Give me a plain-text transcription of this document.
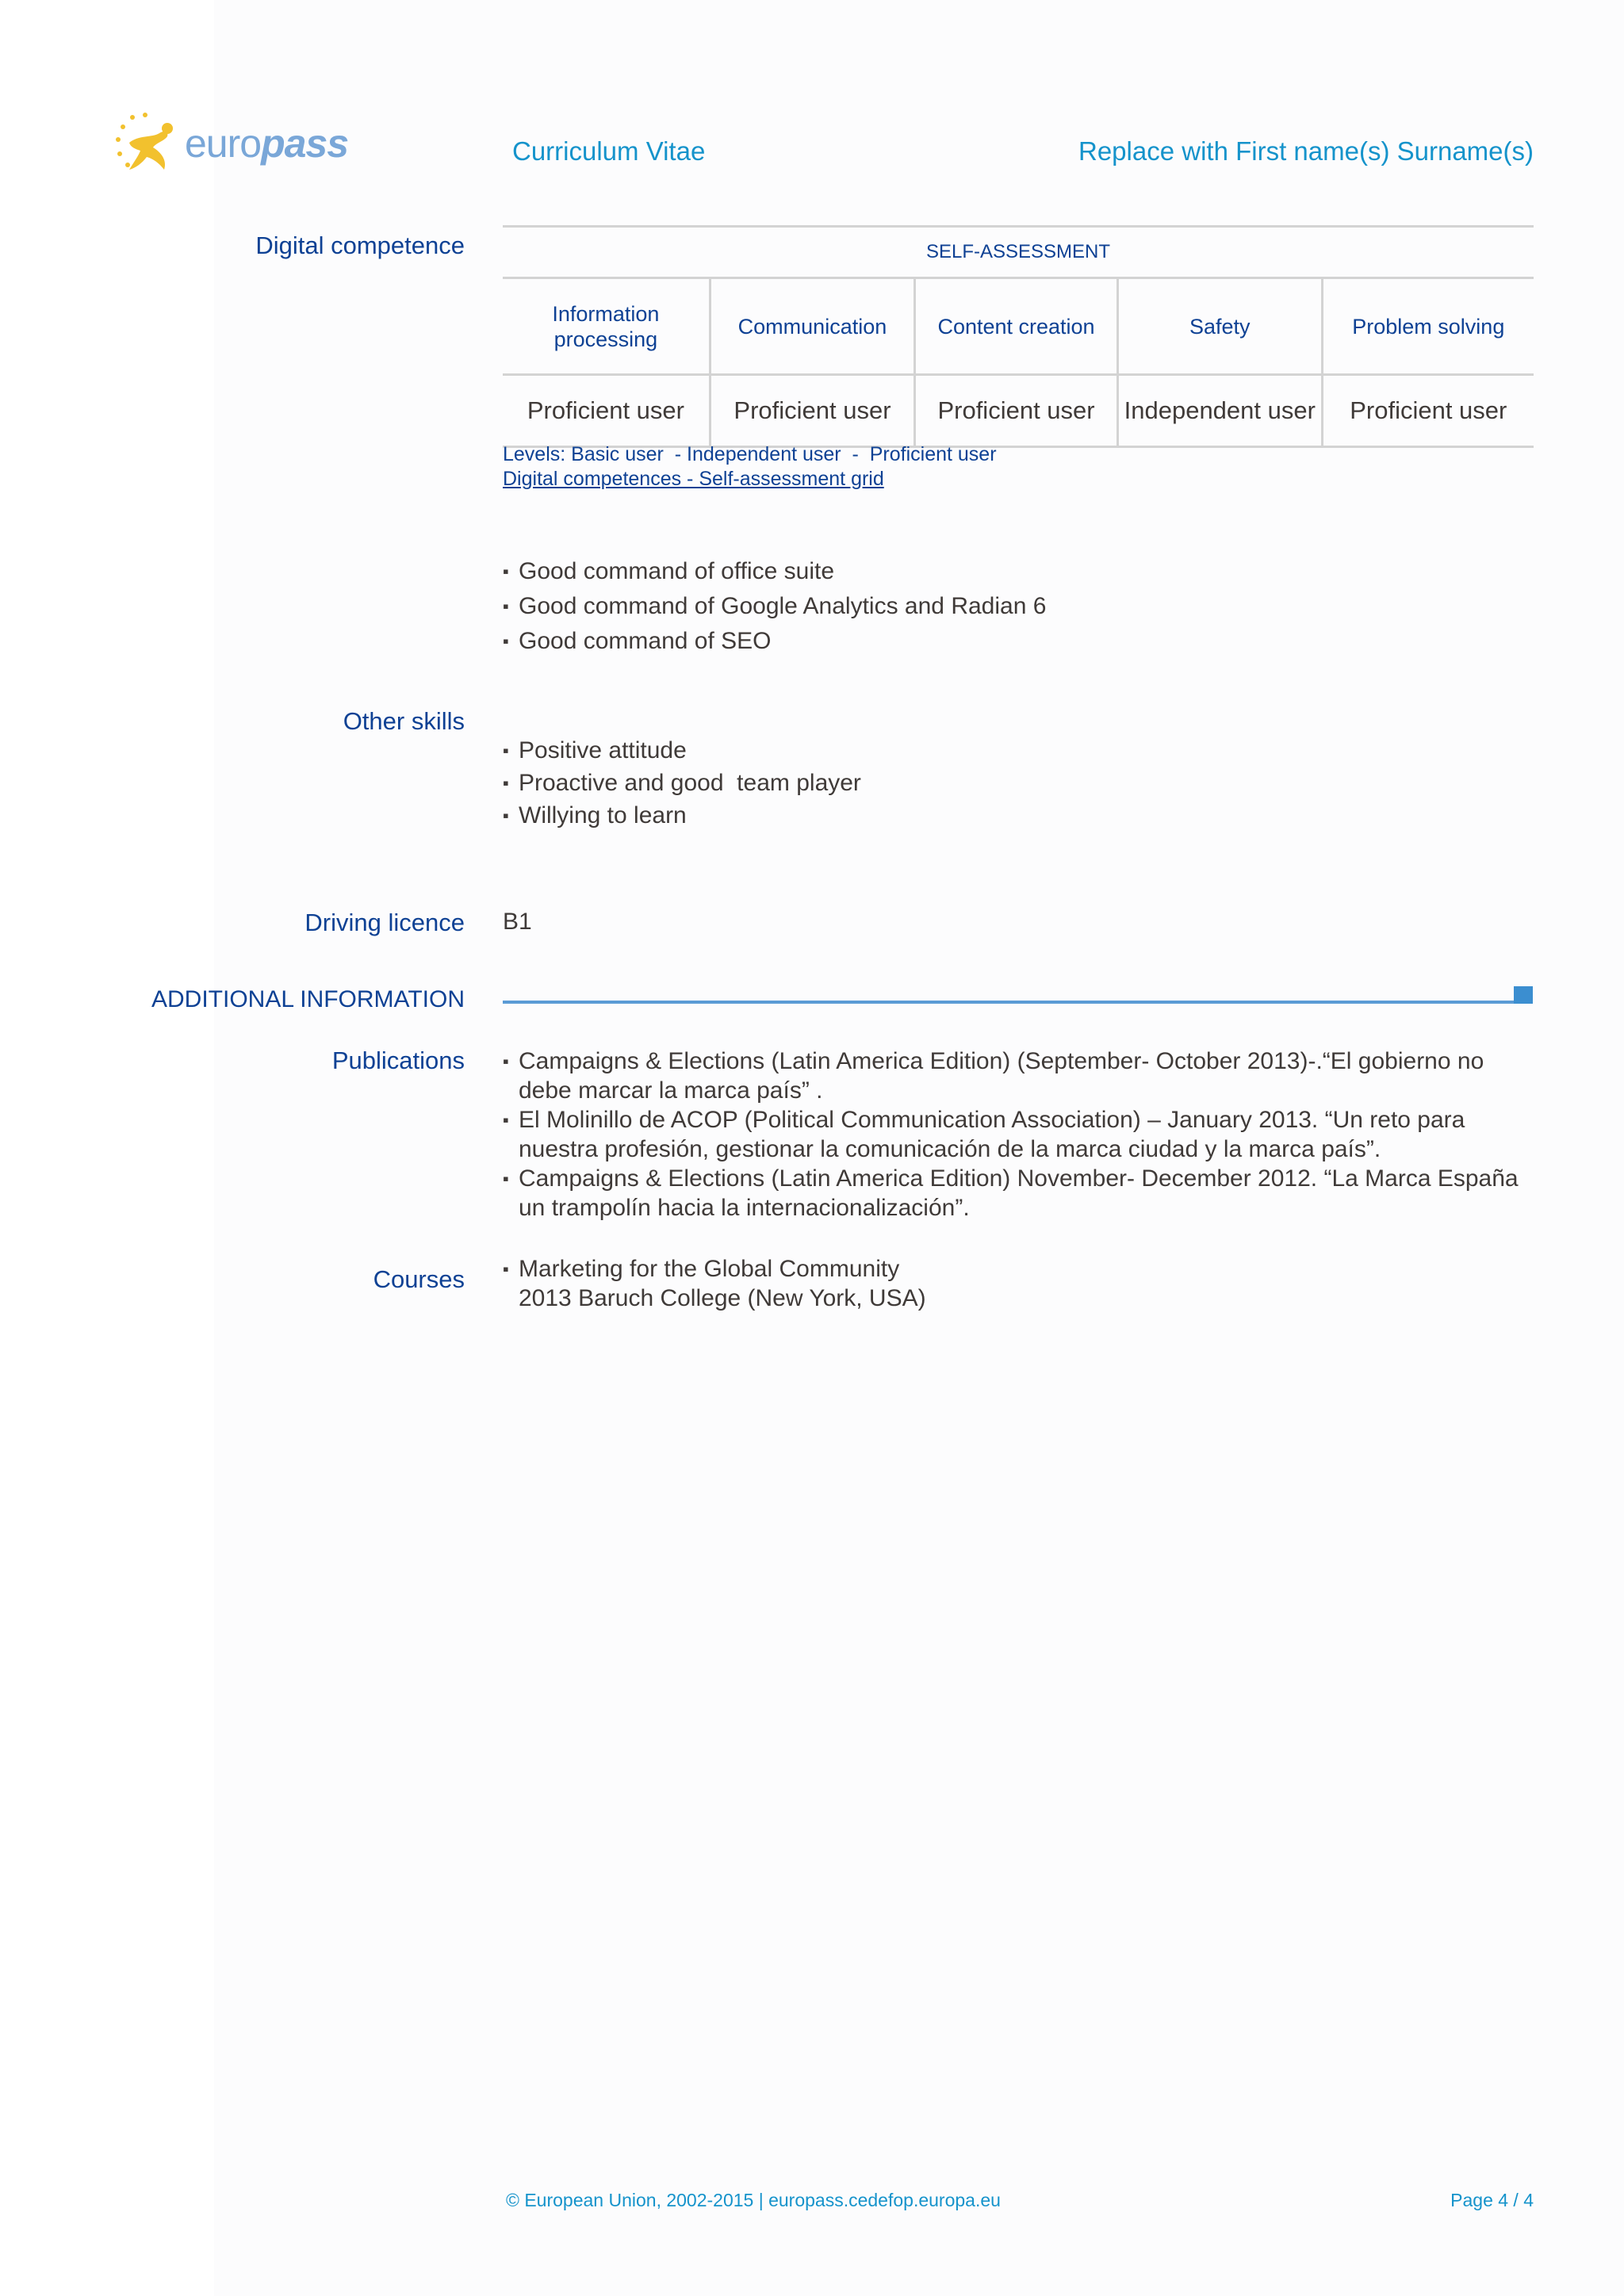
europass	Curriculum Vitae	Replace with First name(s) Surname(s)
Digital competence	SELF-ASSESSMENT				
Information processing	Communication	Content creation	Safety	Problem solving
Proficient user	Proficient user	Proficient user	Independent user	Proficient user
Levels: Basic user  - Independent user  -  Proficient user
Digital competences - Self-assessment grid
▪ Good command of office suite
▪ Good command of Google Analytics and Radian 6
▪ Good command of SEO
Other skills
▪ Positive attitude
▪ Proactive and good  team player
▪ Willying to learn
Driving licence B1
ADDITIONAL INFORMATION
Publications	▪ Campaigns & Elections (Latin America Edition) (September- October 2013)-.“El gobierno no debe marcar la marca país” .
▪ El Molinillo de ACOP (Political Communication Association) – January 2013. “Un reto para nuestra profesión, gestionar la comunicación de la marca ciudad y la marca país”.
▪ Campaigns & Elections (Latin America Edition) November- December 2012. “La Marca España un trampolín hacia la internacionalización”.
Courses ▪ Marketing for the Global Community
2013 Baruch College (New York, USA)
© European Union, 2002-2015 | europass.cedefop.europa.eu	Page 4 / 4
